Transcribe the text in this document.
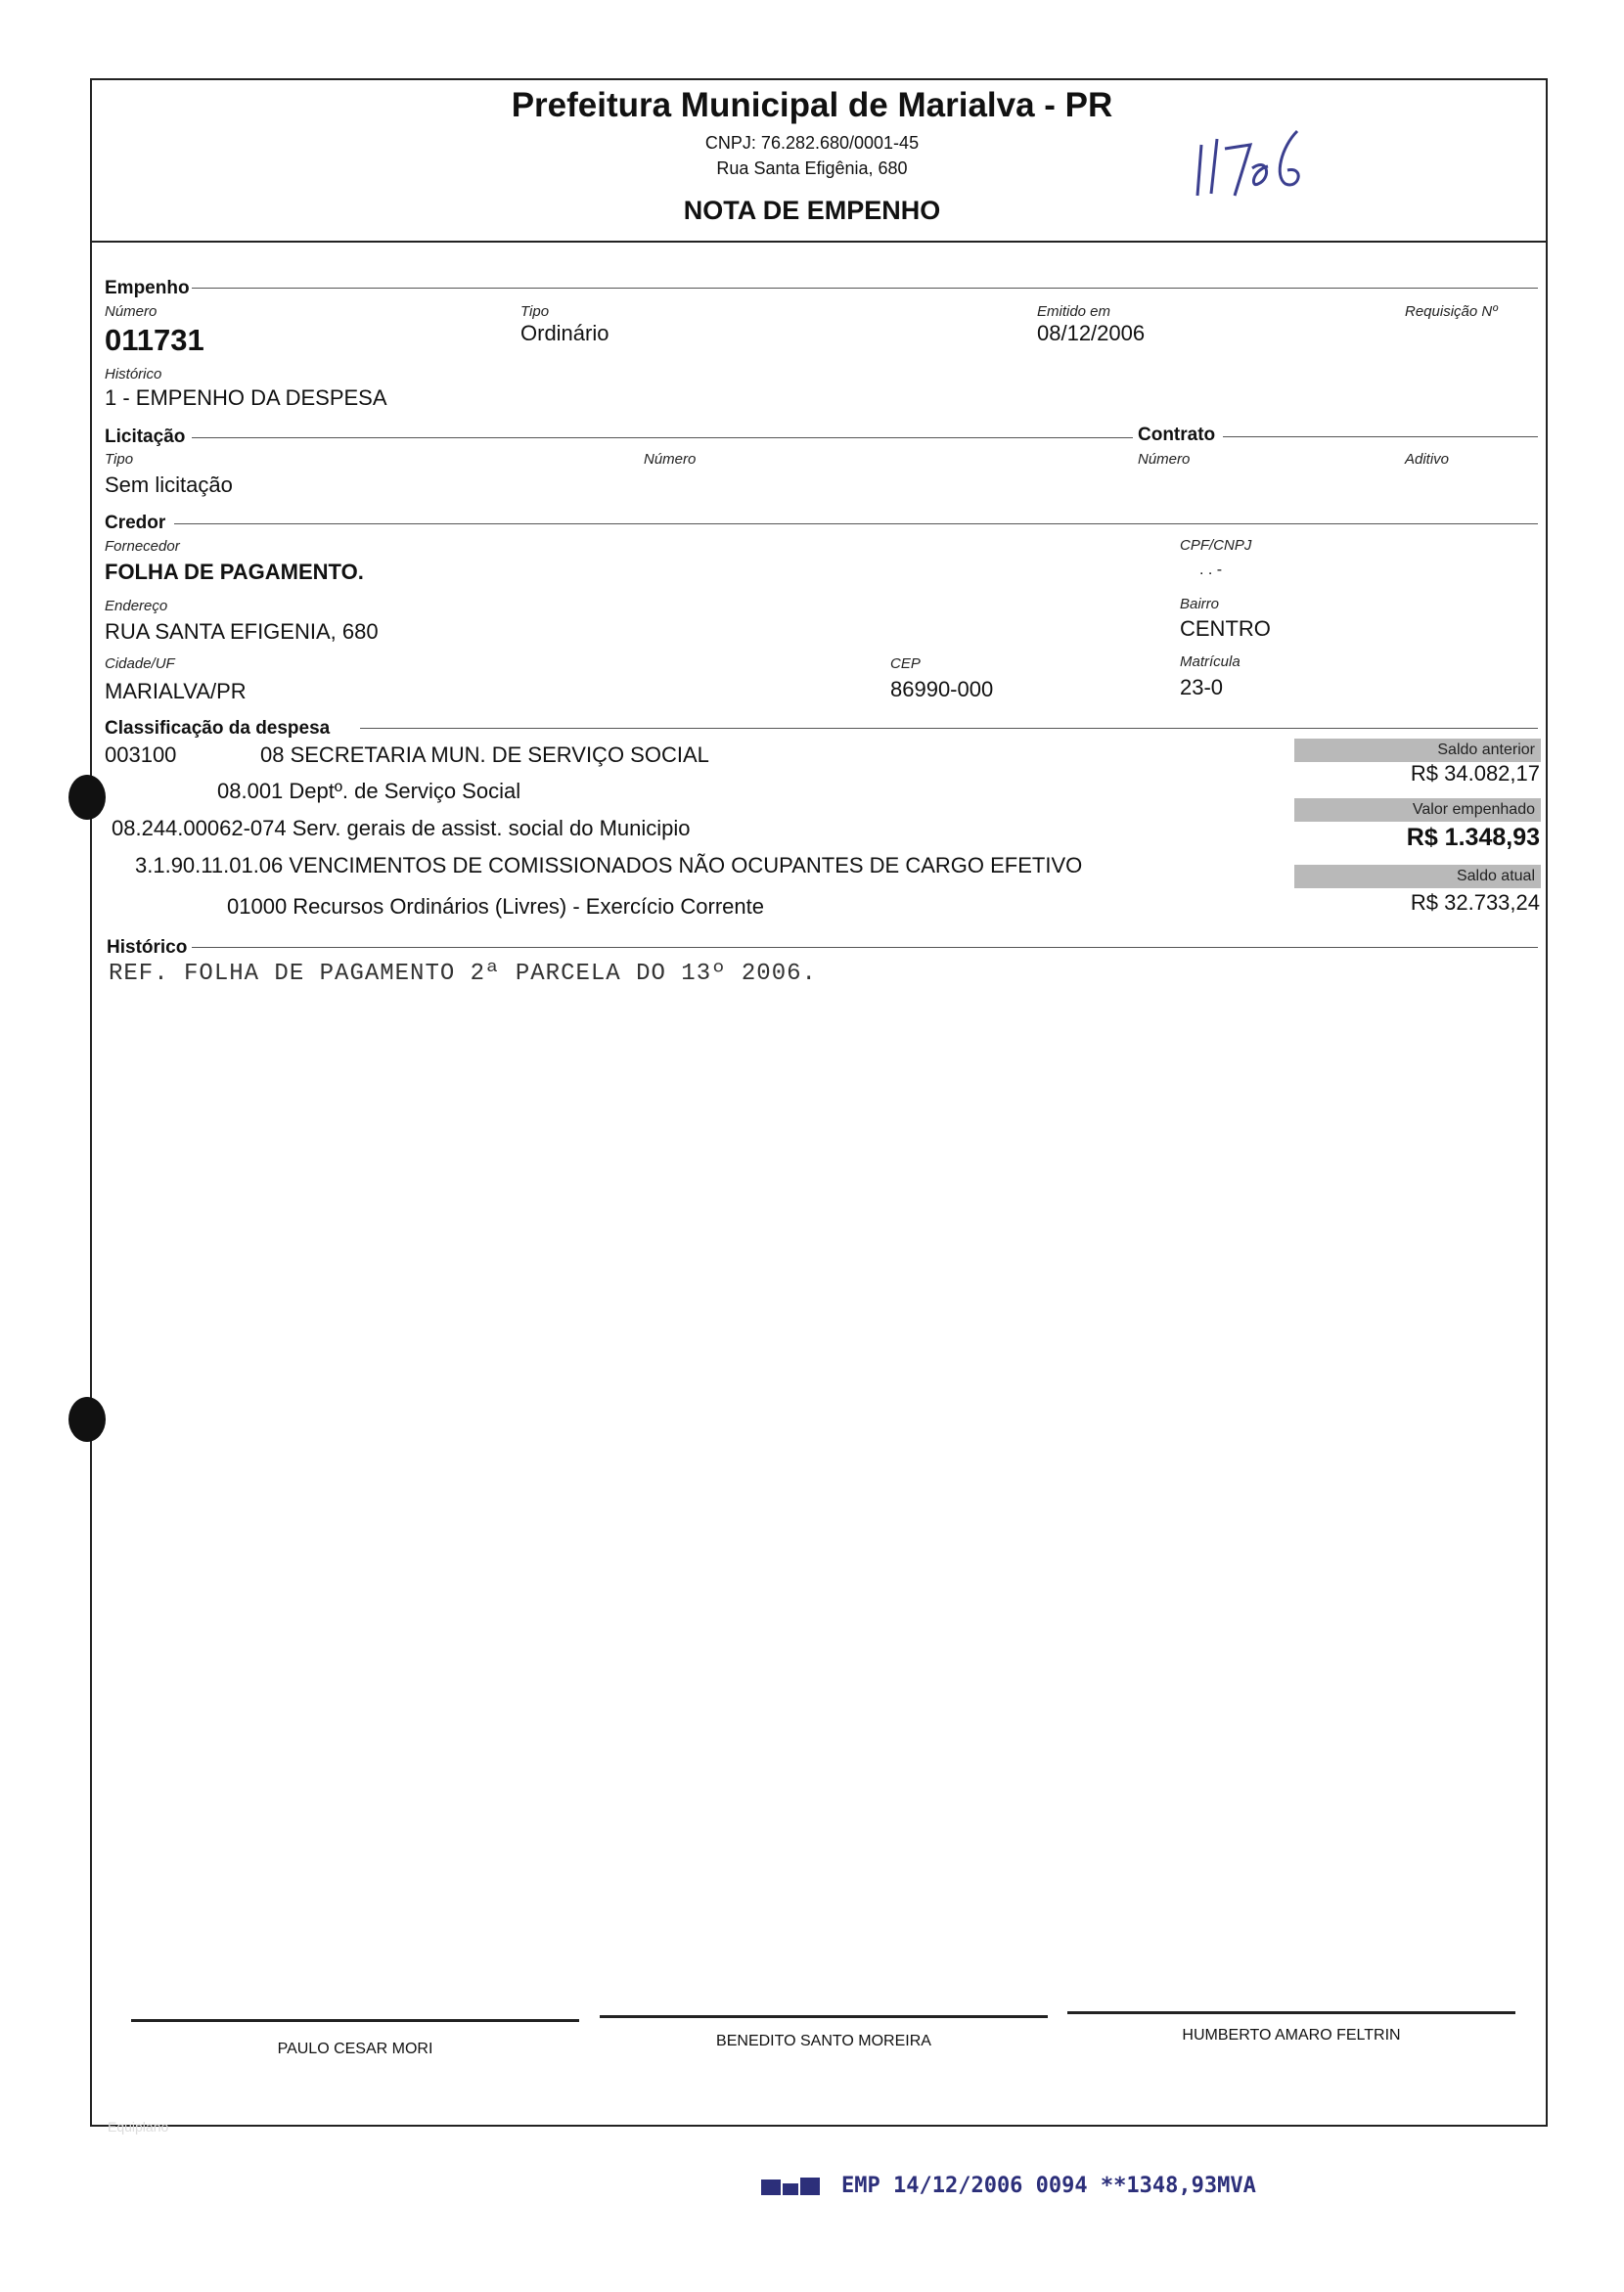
Prefeitura Municipal de Marialva - PR
CNPJ: 76.282.680/0001-45
Rua Santa Efigênia, 680
NOTA DE EMPENHO
Empenho
Número
011731
Tipo
Ordinário
Emitido em
08/12/2006
Requisição Nº
Histórico
1 - EMPENHO DA DESPESA
Licitação	Contrato
Tipo
Sem licitação
Número	Número	Aditivo
Credor
Fornecedor
FOLHA DE PAGAMENTO.
CPF/CNPJ
. . -
Endereço
RUA SANTA EFIGENIA, 680
Bairro
CENTRO
Cidade/UF
MARIALVA/PR
CEP
86990-000
Matrícula
23-0
Classificação da despesa
003100	08 SECRETARIA MUN. DE SERVIÇO SOCIAL
08.001 Deptº. de Serviço Social
08.244.00062-074 Serv. gerais de assist. social do Municipio
3.1.90.11.01.06 VENCIMENTOS DE COMISSIONADOS NÃO OCUPANTES DE CARGO EFETIVO
01000 Recursos Ordinários (Livres) - Exercício Corrente
Saldo anterior
R$ 34.082,17
Valor empenhado
R$ 1.348,93
Saldo atual
R$ 32.733,24
Histórico
REF. FOLHA DE PAGAMENTO 2ª PARCELA DO 13º 2006.
PAULO CESAR MORI	BENEDITO SANTO MOREIRA	HUMBERTO AMARO FELTRIN
Equiplano
EMP 14/12/2006 0094 **1348,93MVA
